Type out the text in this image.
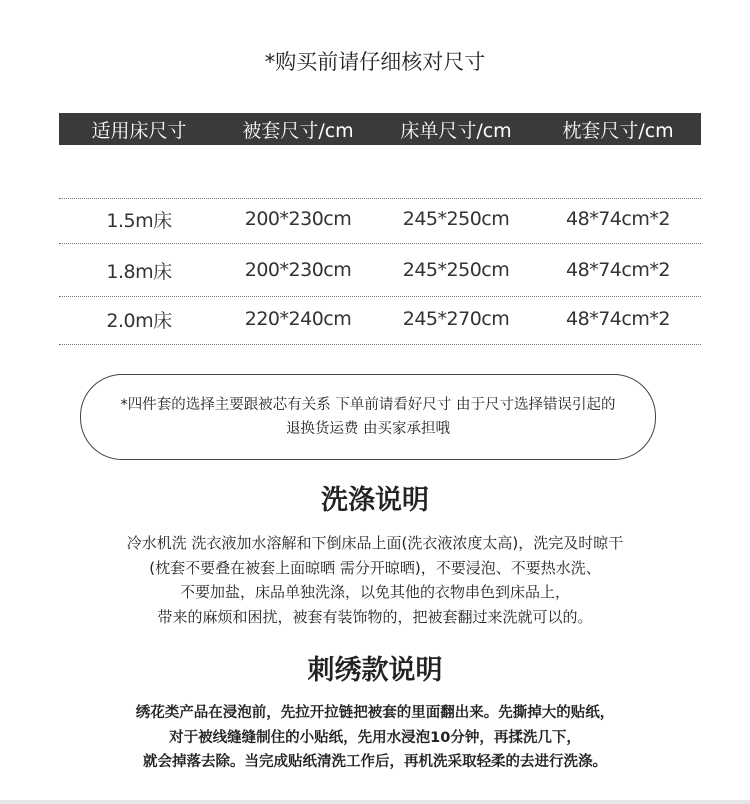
*购买前请仔细核对尺寸
适用床尺寸	被套尺寸/cm	床单尺寸/cm	枕套尺寸/cm
1.5m床	200*230cm	245*250cm	48*74cm*2
1.8m床	200*230cm	245*250cm	48*74cm*2
2.0m床	220*240cm	245*270cm	48*74cm*2
*四件套的选择主要跟被芯有关系 下单前请看好尺寸 由于尺寸选择错误引起的
退换货运费 由买家承担哦
洗涤说明
冷水机洗 洗衣液加水溶解和下倒床品上面(洗衣液浓度太高)，洗完及时晾干
(枕套不要叠在被套上面晾晒 需分开晾晒)，不要浸泡、不要热水洗、
不要加盐，床品单独洗涤，以免其他的衣物串色到床品上，
带来的麻烦和困扰，被套有装饰物的，把被套翻过来洗就可以的。
刺绣款说明
绣花类产品在浸泡前，先拉开拉链把被套的里面翻出来。先撕掉大的贴纸，
对于被线缝缝制住的小贴纸，先用水浸泡10分钟，再揉洗几下，
就会掉落去除。当完成贴纸清洗工作后，再机洗采取轻柔的去进行洗涤。
